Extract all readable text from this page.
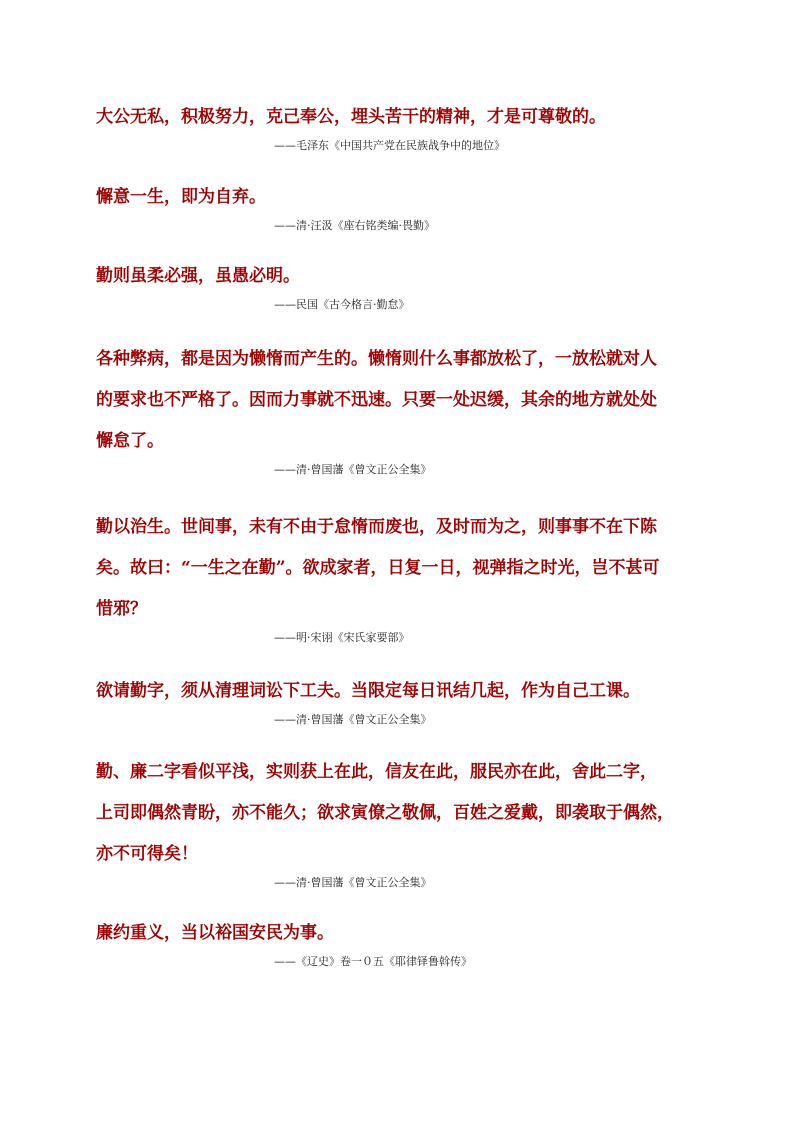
大公无私，积极努力，克己奉公，埋头苦干的精神，才是可尊敬的。

——毛泽东《中国共产党在民族战争中的地位》

懈意一生，即为自弃。

——清·汪汲《座右铭类编·畏勤》

勤则虽柔必强，虽愚必明。

——民国《古今格言·勤怠》

各种弊病，都是因为懒惰而产生的。懒惰则什么事都放松了，一放松就对人
的要求也不严格了。因而力事就不迅速。只要一处迟缓，其余的地方就处处
懈怠了。

——清·曾国藩《曾文正公全集》

勤以治生。世间事，未有不由于怠惰而废也，及时而为之，则事事不在下陈
矣。故曰：“一生之在勤”。欲成家者，日复一日，视弹指之时光，岂不甚可
惜邪？

——明·宋诩《宋氏家要部》

欲请勤字，须从清理词讼下工夫。当限定每日讯结几起，作为自己工课。

——清·曾国藩《曾文正公全集》

勤、廉二字看似平浅，实则获上在此，信友在此，服民亦在此，舍此二字，
上司即偶然青盼，亦不能久；欲求寅僚之敬佩，百姓之爱戴，即袭取于偶然，
亦不可得矣！

——清·曾国藩《曾文正公全集》

廉约重义，当以裕国安民为事。

——《辽史》卷一０五《耶律铎鲁斡传》
